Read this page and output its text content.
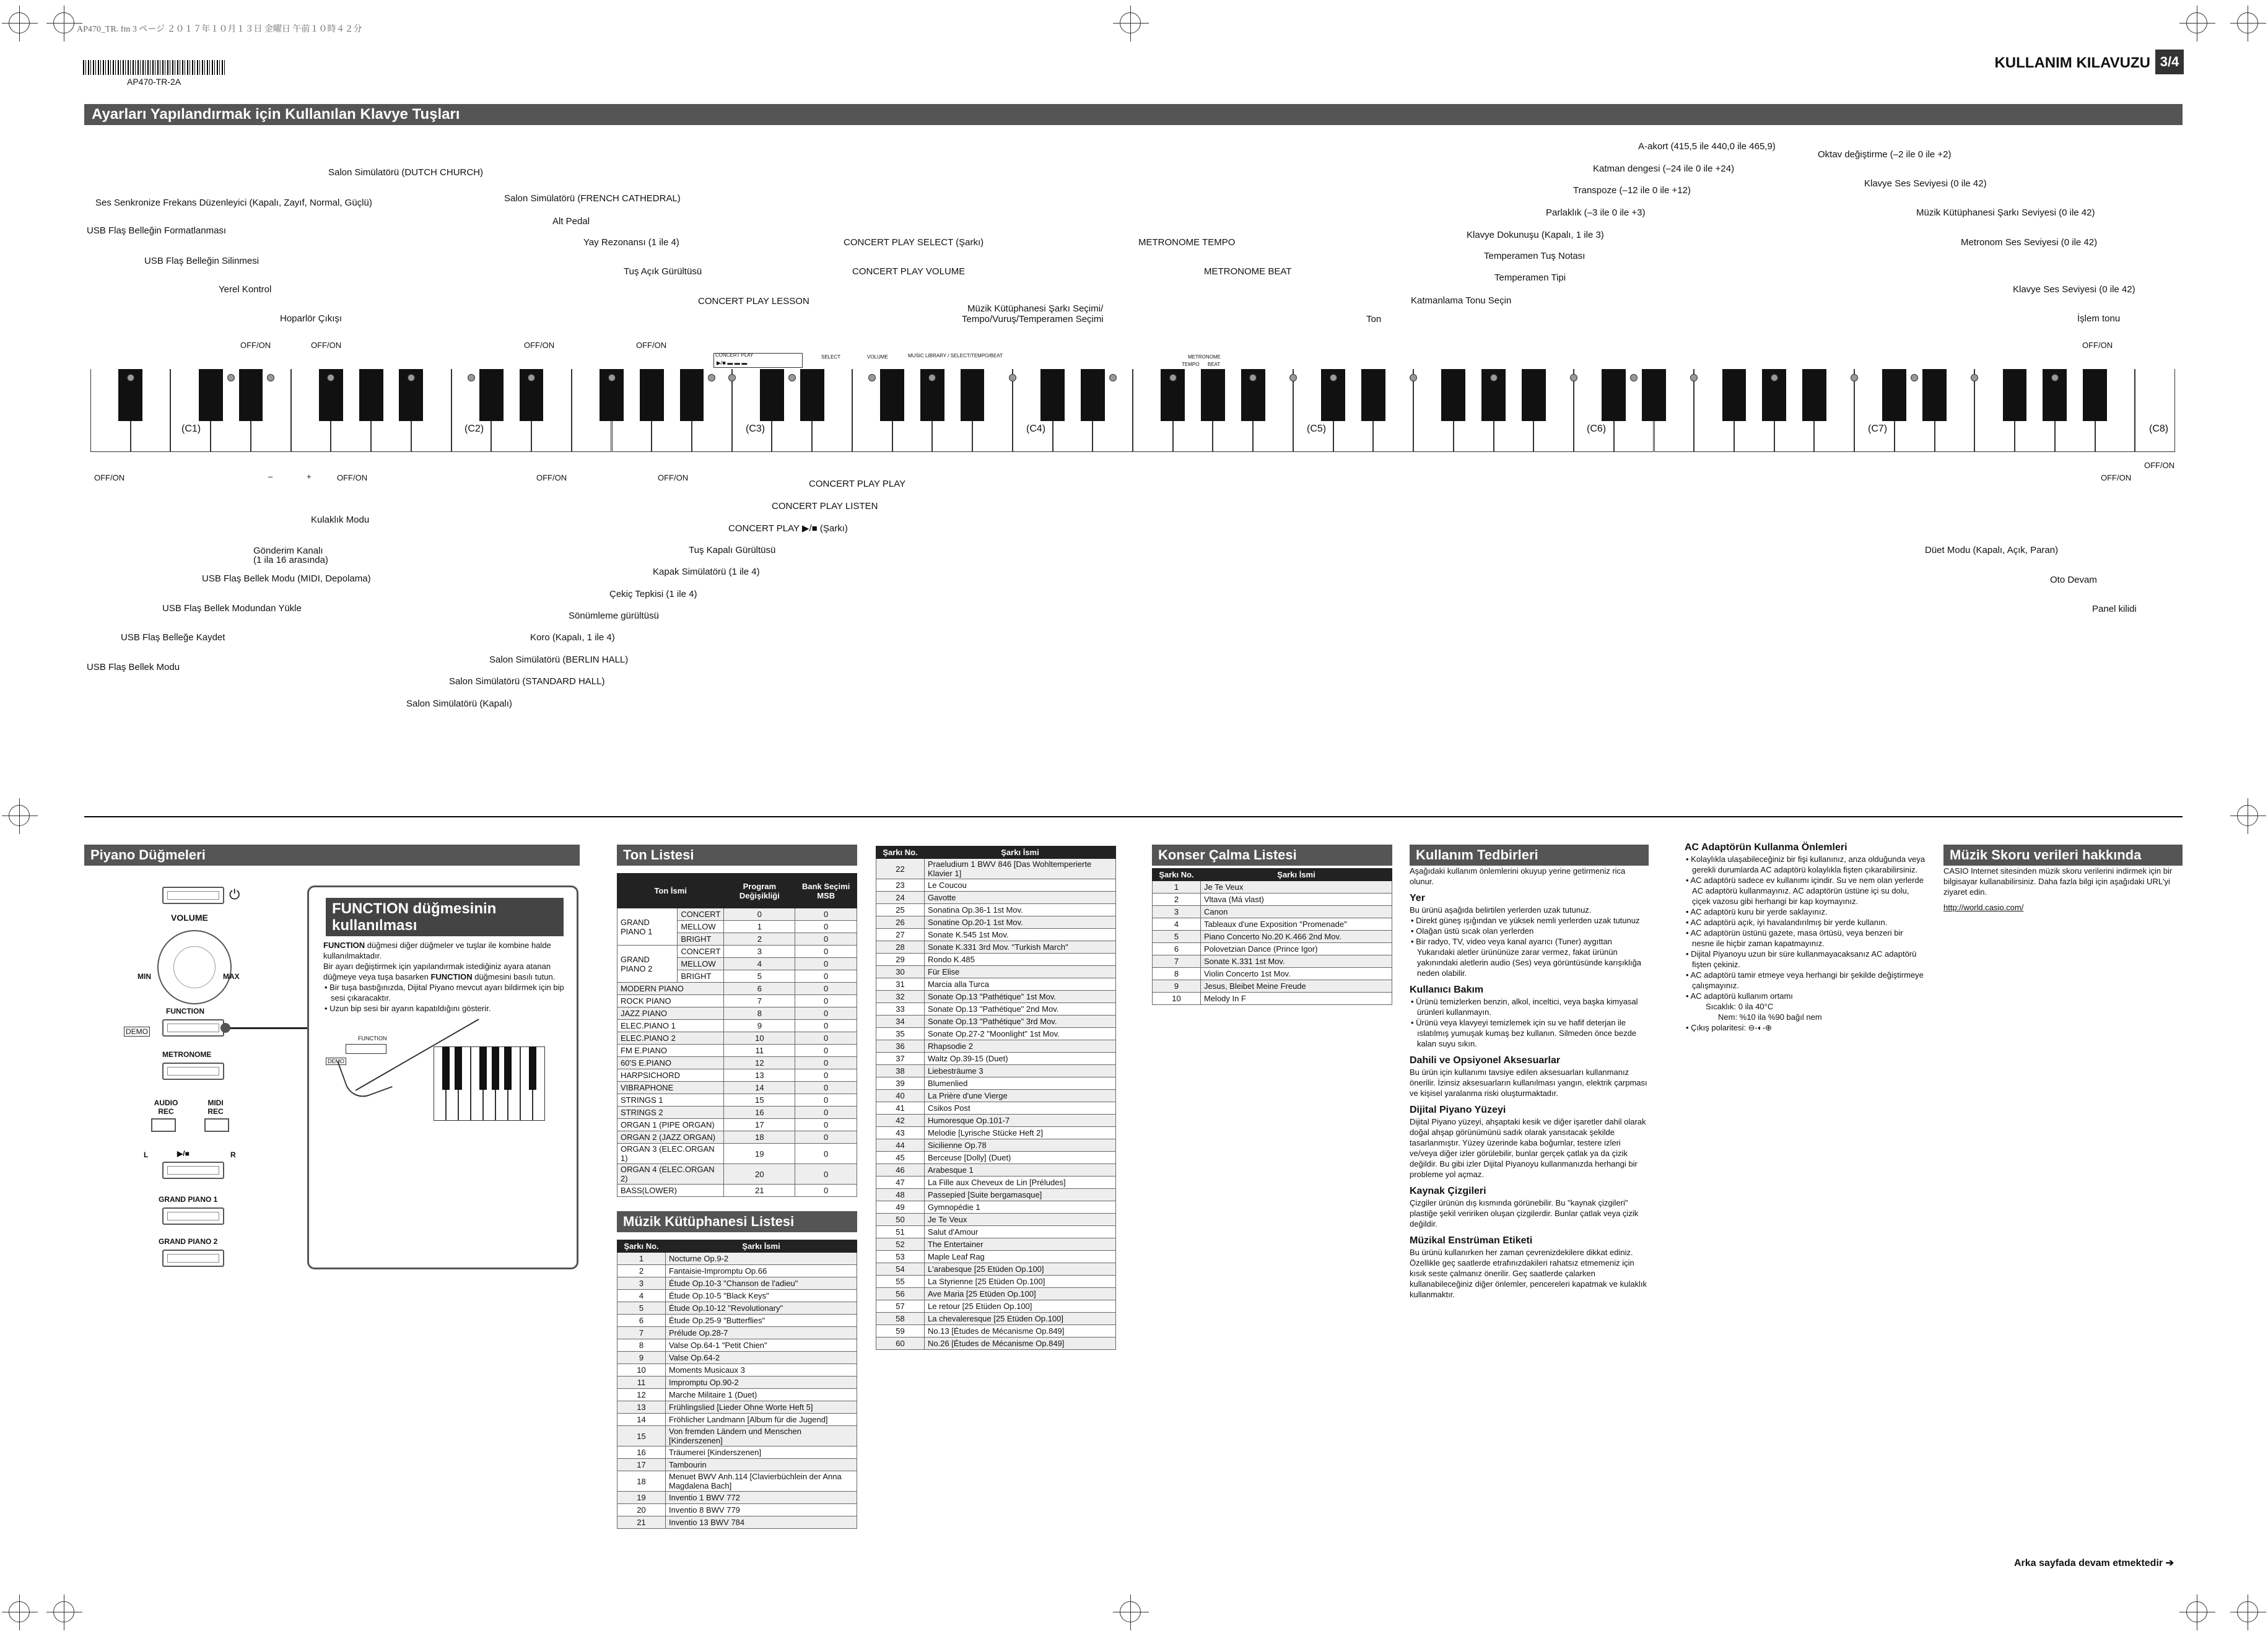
AP470_TR. fm 3 ページ ２０１７年１０月１３日 金曜日 午前１０時４２分
AP470-TR-2A
KULLANIM KILAVUZU 3/4
Ayarları Yapılandırmak için Kullanılan Klavye Tuşları
Salon Simülatörü (DUTCH CHURCH)
Ses Senkronize Frekans Düzenleyici (Kapalı, Zayıf, Normal, Güçlü)	Salon Simülatörü (FRENCH CATHEDRAL)
Alt Pedal
USB Flaş Belleğin Formatlanması
Yay Rezonansı (1 ile 4)	CONCERT PLAY SELECT (Şarkı)	METRONOME TEMPO
USB Flaş Belleğin Silinmesi
Tuş Açık Gürültüsü	CONCERT PLAY VOLUME	METRONOME BEAT
Yerel Kontrol
CONCERT PLAY LESSON
Müzik Kütüphanesi Şarkı Seçimi/
Tempo/Vuruş/Temperamen Seçimi
Hoparlör Çıkışı	Ton
A-akort (415,5 ile 440,0 ile 465,9)
Oktav değiştirme (–2 ile 0 ile +2)
Katman dengesi (–24 ile 0 ile +24)
Klavye Ses Seviyesi (0 ile 42)
Transpoze (–12 ile 0 ile +12)
Parlaklık (–3 ile 0 ile +3)	Müzik Kütüphanesi Şarkı Seviyesi (0 ile 42)
Klavye Dokunuşu (Kapalı, 1 ile 3)
Metronom Ses Seviyesi (0 ile 42)
Temperamen Tuş Notası
Temperamen Tipi
Katmanlama Tonu Seçin
Klavye Ses Seviyesi (0 ile 42)
İşlem tonu
OFF/ON	OFF/ON	OFF/ON	OFF/ON	OFF/ON
OFF/ON	OFF/ON	OFF/ON	OFF/ON	OFF/ON
OFF/ON
–	+
CONCERT PLAY PLAY
Kulaklık Modu
CONCERT PLAY LISTEN
CONCERT PLAY ▶/■ (Şarkı)
Gönderim Kanalı
(1 ila 16 arasında)
Tuş Kapalı Gürültüsü	Düet Modu (Kapalı, Açık, Paran)
USB Flaş Bellek Modu (MIDI, Depolama)
Kapak Simülatörü (1 ile 4)
Oto Devam
Çekiç Tepkisi (1 ile 4)
USB Flaş Bellek Modundan Yükle
Sönümleme gürültüsü
Panel kilidi
Koro (Kapalı, 1 ile 4)
USB Flaş Belleğe Kaydet
Salon Simülatörü (BERLIN HALL)
USB Flaş Bellek Modu
Salon Simülatörü (STANDARD HALL)
Salon Simülatörü (Kapalı)
(C1)	(C2)	(C3)	(C4)	(C5)	(C6)	(C7)	(C8)
CONCERT PLAY
▶/■ ▬ ▬ ▬
SELECT	VOLUME	MUSIC LIBRARY / SELECT/TEMPO/BEAT	METRONOME
TEMPO BEAT
Piyano Düğmeleri
⏻
VOLUME
MIN	MAX
FUNCTION
DEMO
METRONOME
AUDIO REC
MIDI REC
L	▶/■	R
GRAND PIANO 1
GRAND PIANO 2
FUNCTION düğmesinin kullanılması

FUNCTION düğmesi diğer düğmeler ve tuşlar ile kombine halde kullanılmaktadır.

Bir ayarı değiştirmek için yapılandırmak istediğiniz ayara atanan düğmeye veya tuşa basarken FUNCTION düğmesini basılı tutun.

• Bir tuşa bastığınızda, Dijital Piyano mevcut ayarı bildirmek için bip sesi çıkaracaktır.
• Uzun bip sesi bir ayarın kapatıldığını gösterir.
FUNCTION
DEMO
Ton Listesi
Ton İsmi		Program Değişikliği	Bank Seçimi MSB
GRAND PIANO 1	CONCERT	0	0
	MELLOW	1	0
	BRIGHT	2	0
GRAND PIANO 2	CONCERT	3	0
	MELLOW	4	0
	BRIGHT	5	0
MODERN PIANO		6	0
ROCK PIANO		7	0
JAZZ PIANO		8	0
ELEC.PIANO 1		9	0
ELEC.PIANO 2		10	0
FM E.PIANO		11	0
60'S E.PIANO		12	0
HARPSICHORD		13	0
VIBRAPHONE		14	0
STRINGS 1		15	0
STRINGS 2		16	0
ORGAN 1 (PIPE ORGAN)		17	0
ORGAN 2 (JAZZ ORGAN)		18	0
ORGAN 3 (ELEC.ORGAN 1)		19	0
ORGAN 4 (ELEC.ORGAN 2)		20	0
BASS(LOWER)		21	0
Müzik Kütüphanesi Listesi
Şarkı No.	Şarkı İsmi
1	Nocturne Op.9-2
2	Fantaisie-Impromptu Op.66
3	Étude Op.10-3 "Chanson de l'adieu"
4	Étude Op.10-5 "Black Keys"
5	Étude Op.10-12 "Revolutionary"
6	Étude Op.25-9 "Butterflies"
7	Prélude Op.28-7
8	Valse Op.64-1 "Petit Chien"
9	Valse Op.64-2
10	Moments Musicaux 3
11	Impromptu Op.90-2
12	Marche Militaire 1 (Duet)
13	Frühlingslied [Lieder Ohne Worte Heft 5]
14	Fröhlicher Landmann [Album für die Jugend]
15	Von fremden Ländern und Menschen [Kinderszenen]
16	Träumerei [Kinderszenen]
17	Tambourin
18	Menuet BWV Anh.114 [Clavierbüchlein der Anna Magdalena Bach]
19	Inventio 1 BWV 772
20	Inventio 8 BWV 779
21	Inventio 13 BWV 784
Şarkı No.	Şarkı İsmi
22	Praeludium 1 BWV 846 [Das Wohltemperierte Klavier 1]
23	Le Coucou
24	Gavotte
25	Sonatina Op.36-1 1st Mov.
26	Sonatine Op.20-1 1st Mov.
27	Sonate K.545 1st Mov.
28	Sonate K.331 3rd Mov. "Turkish March"
29	Rondo K.485
30	Für Elise
31	Marcia alla Turca
32	Sonate Op.13 "Pathétique" 1st Mov.
33	Sonate Op.13 "Pathétique" 2nd Mov.
34	Sonate Op.13 "Pathétique" 3rd Mov.
35	Sonate Op.27-2 "Moonlight" 1st Mov.
36	Rhapsodie 2
37	Waltz Op.39-15 (Duet)
38	Liebesträume 3
39	Blumenlied
40	La Prière d'une Vierge
41	Csikos Post
42	Humoresque Op.101-7
43	Melodie [Lyrische Stücke Heft 2]
44	Sicilienne Op.78
45	Berceuse [Dolly] (Duet)
46	Arabesque 1
47	La Fille aux Cheveux de Lin [Préludes]
48	Passepied [Suite bergamasque]
49	Gymnopédie 1
50	Je Te Veux
51	Salut d'Amour
52	The Entertainer
53	Maple Leaf Rag
54	L'arabesque [25 Etüden Op.100]
55	La Styrienne [25 Etüden Op.100]
56	Ave Maria [25 Etüden Op.100]
57	Le retour [25 Etüden Op.100]
58	La chevaleresque [25 Etüden Op.100]
59	No.13 [Études de Mécanisme Op.849]
60	No.26 [Études de Mécanisme Op.849]
Konser Çalma Listesi
Şarkı No.	Şarkı İsmi
1	Je Te Veux
2	Vltava (Má vlast)
3	Canon
4	Tableaux d'une Exposition "Promenade"
5	Piano Concerto No.20 K.466 2nd Mov.
6	Polovetzian Dance (Prince Igor)
7	Sonate K.331 1st Mov.
8	Violin Concerto 1st Mov.
9	Jesus, Bleibet Meine Freude
10	Melody In F
Kullanım Tedbirleri

Aşağıdaki kullanım önlemlerini okuyup yerine getirmeniz rica olunur.

Yer

Bu ürünü aşağıda belirtilen yerlerden uzak tutunuz.

• Direkt güneş ışığından ve yüksek nemli yerlerden uzak tutunuz
• Olağan üstü sıcak olan yerlerden
• Bir radyo, TV, video veya kanal ayarıcı (Tuner) aygıttan Yukarıdaki aletler ürününüze zarar vermez, fakat ürünün yakınındaki aletlerin audio (Ses) veya görüntüsünde karışıklığa neden olabilir.
Kullanıcı Bakım
• Ürünü temizlerken benzin, alkol, inceltici, veya başka kimyasal ürünleri kullanmayın.
• Ürünü veya klavyeyi temizlemek için su ve hafif deterjan ile ıslatılmış yumuşak kumaş bez kullanın. Silmeden önce bezde kalan suyu sıkın.
Dahili ve Opsiyonel Aksesuarlar

Bu ürün için kullanımı tavsiye edilen aksesuarları kullanmanız önerilir. İzinsiz aksesuarların kullanılması yangın, elektrik çarpması ve kişisel yaralanma riski oluşturmaktadır.

Dijital Piyano Yüzeyi

Dijital Piyano yüzeyi, ahşaptaki kesik ve diğer işaretler dahil olarak doğal ahşap görünümünü sadık olarak yansıtacak şekilde tasarlanmıştır. Yüzey üzerinde kaba boğumlar, testere izleri ve/veya diğer izler görülebilir, bunlar gerçek çatlak ya da çizik değildir. Bu gibi izler Dijital Piyanoyu kullanmanızda herhangi bir probleme yol açmaz.

Kaynak Çizgileri

Çizgiler ürünün dış kısmında görünebilir. Bu "kaynak çizgileri" plastiğe şekil veririken oluşan çizgilerdir. Bunlar çatlak veya çizik değildir.

Müzikal Enstrüman Etiketi

Bu ürünü kullanırken her zaman çevrenizdekilere dikkat ediniz. Özellikle geç saatlerde etrafınızdakileri rahatsız etmemeniz için kısık seste çalmanız önerilir. Geç saatlerde çalarken kullanabileceğiniz diğer önlemler, pencereleri kapatmak ve kulaklık kullanmaktır.

AC Adaptörün Kullanma Önlemleri
• Kolaylıkla ulaşabileceğiniz bir fişi kullanınız, anza olduğunda veya gerekli durumlarda AC adaptörü kolaylıkla fişten çıkarabilirsiniz.
• AC adaptörü sadece ev kullanımı içindir. Su ve nem olan yerlerde AC adaptörü kullanmayınız. AC adaptörün üstüne içi su dolu, çiçek vazosu gibi herhangi bir kap koymayınız.
• AC adaptörü kuru bir yerde saklayınız.
• AC adaptörü açık, iyi havalandırılmış bir yerde kullanın.
• AC adaptörün üstünü gazete, masa örtüsü, veya benzeri bir nesne ile hiçbir zaman kapatmayınız.
• Dijital Piyanoyu uzun bir süre kullanmayacaksanız AC adaptörü fişten çekiniz.
• AC adaptörü tamir etmeye veya herhangi bir şekilde değiştirmeye çalışmayınız.
• AC adaptörü kullanım ortamı

Sıcaklık: 0 ila 40°C

Nem: %10 ila %90 bağıl nem

• Çıkış polaritesi: ⊖-◐-⊕
Müzik Skoru verileri hakkında

CASIO Internet sitesinden müzik skoru verilerini indirmek için bir bilgisayar kullanabilirsiniz. Daha fazla bilgi için aşağıdaki URL'yi ziyaret edin.

http://world.casio.com/

Arka sayfada devam etmektedir ➔
